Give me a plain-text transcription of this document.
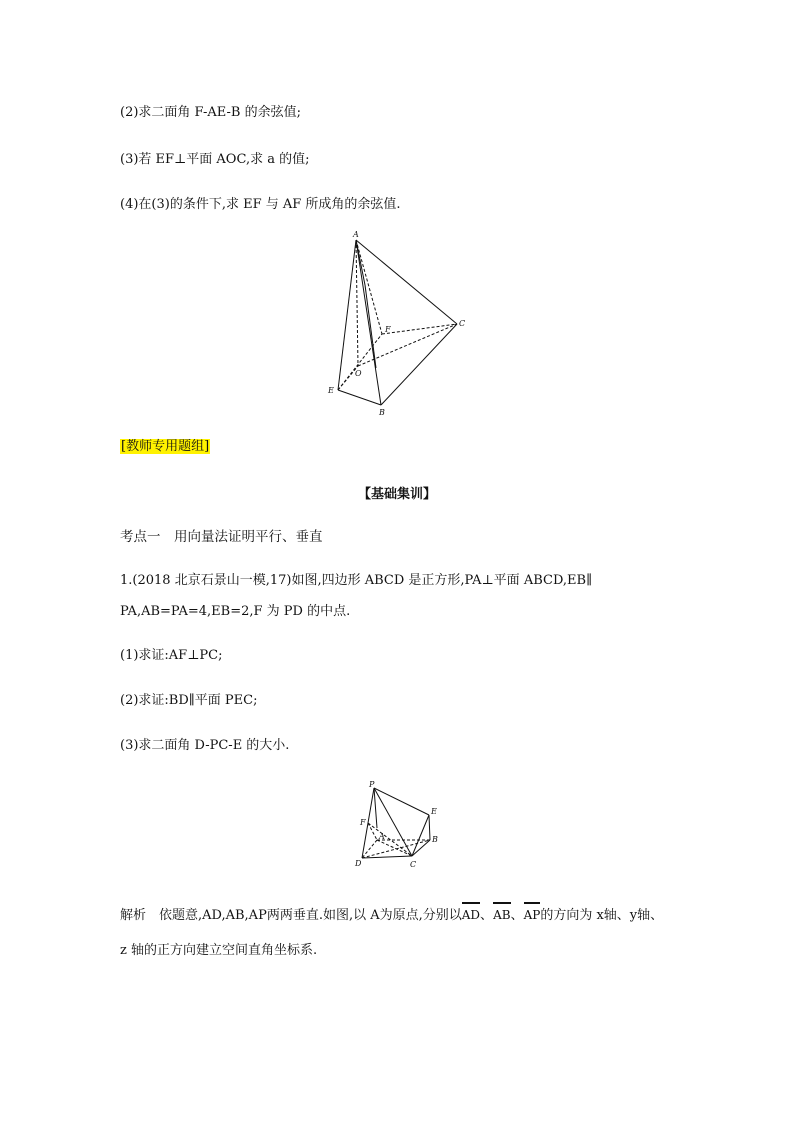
(2)求二面角 F-AE-B 的余弦值;
(3)若 EF⊥平面 AOC,求 a 的值;
(4)在(3)的条件下,求 EF 与 AF 所成角的余弦值.
A
C
F
O
E
B
[教师专用题组]
【基础集训】
考点一　用向量法证明平行、垂直
1.(2018 北京石景山一模,17)如图,四边形 ABCD 是正方形,PA⊥平面 ABCD,EB∥
PA,AB=PA=4,EB=2,F 为 PD 的中点.
(1)求证:AF⊥PC;
(2)求证:BD∥平面 PEC;
(3)求二面角 D-PC-E 的大小.
P
E
F
A	B
D	C
解析　依题意,AD,AB,AP两两垂直.如图,以 A为原点,分别以AD、AB、AP的方向为 x轴、y轴、
z 轴的正方向建立空间直角坐标系.
